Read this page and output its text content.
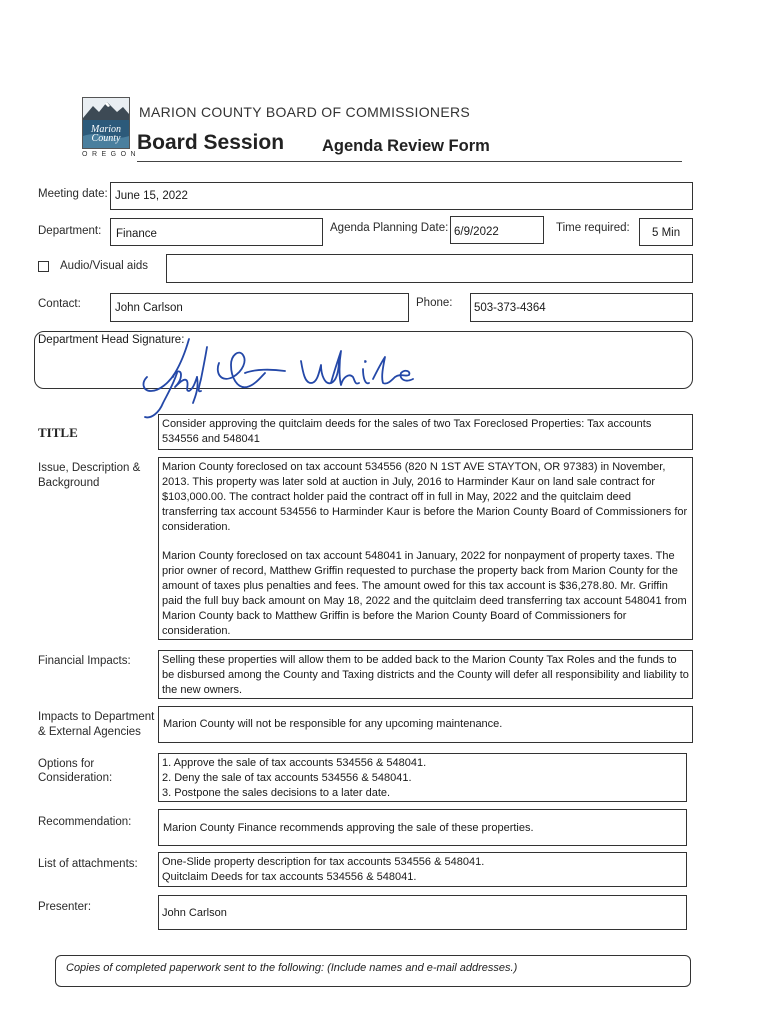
Marion
County
OREGON
MARION COUNTY BOARD OF COMMISSIONERS
Board Session Agenda Review Form
Meeting date: June 15, 2022
Department: Finance	Agenda Planning Date: 6/9/2022	Time required: 5 Min
Audio/Visual aids
Contact:	John Carlson	Phone: 503-373-4364
Department Head Signature:
TITLE

Consider approving the quitclaim deeds for the sales of two Tax Foreclosed Properties: Tax accounts 534556 and 548041

Issue, Description & Background

Marion County foreclosed on tax account 534556 (820 N 1ST AVE STAYTON, OR 97383) in November, 2013. This property was later sold at auction in July, 2016 to Harminder Kaur on land sale contract for $103,000.00. The contract holder paid the contract off in full in May, 2022 and the quitclaim deed transferring tax account 534556 to Harminder Kaur is before the Marion County Board of Commissioners for consideration.

Marion County foreclosed on tax account 548041 in January, 2022 for nonpayment of property taxes. The prior owner of record, Matthew Griffin requested to purchase the property back from Marion County for the amount of taxes plus penalties and fees. The amount owed for this tax account is $36,278.80. Mr. Griffin paid the full buy back amount on May 18, 2022 and the quitclaim deed transferring tax account 548041 from Marion County back to Matthew Griffin is before the Marion County Board of Commissioners for consideration.

Financial Impacts:	Selling these properties will allow them to be added back to the Marion County Tax Roles and the funds to be disbursed among the County and Taxing districts and the County will defer all responsibility and liability to the new owners.

Impacts to Department
& External Agencies
Marion County will not be responsible for any upcoming maintenance.
Options for
Consideration:
1. Approve the sale of tax accounts 534556 & 548041.
2. Deny the sale of tax accounts 534556 & 548041.
3. Postpone the sales decisions to a later date.
Recommendation:	Marion County Finance recommends approving the sale of these properties.
List of attachments: One-Slide property description for tax accounts 534556 & 548041.
Quitclaim Deeds for tax accounts 534556 & 548041.
Presenter:	John Carlson
Copies of completed paperwork sent to the following: (Include names and e-mail addresses.)
